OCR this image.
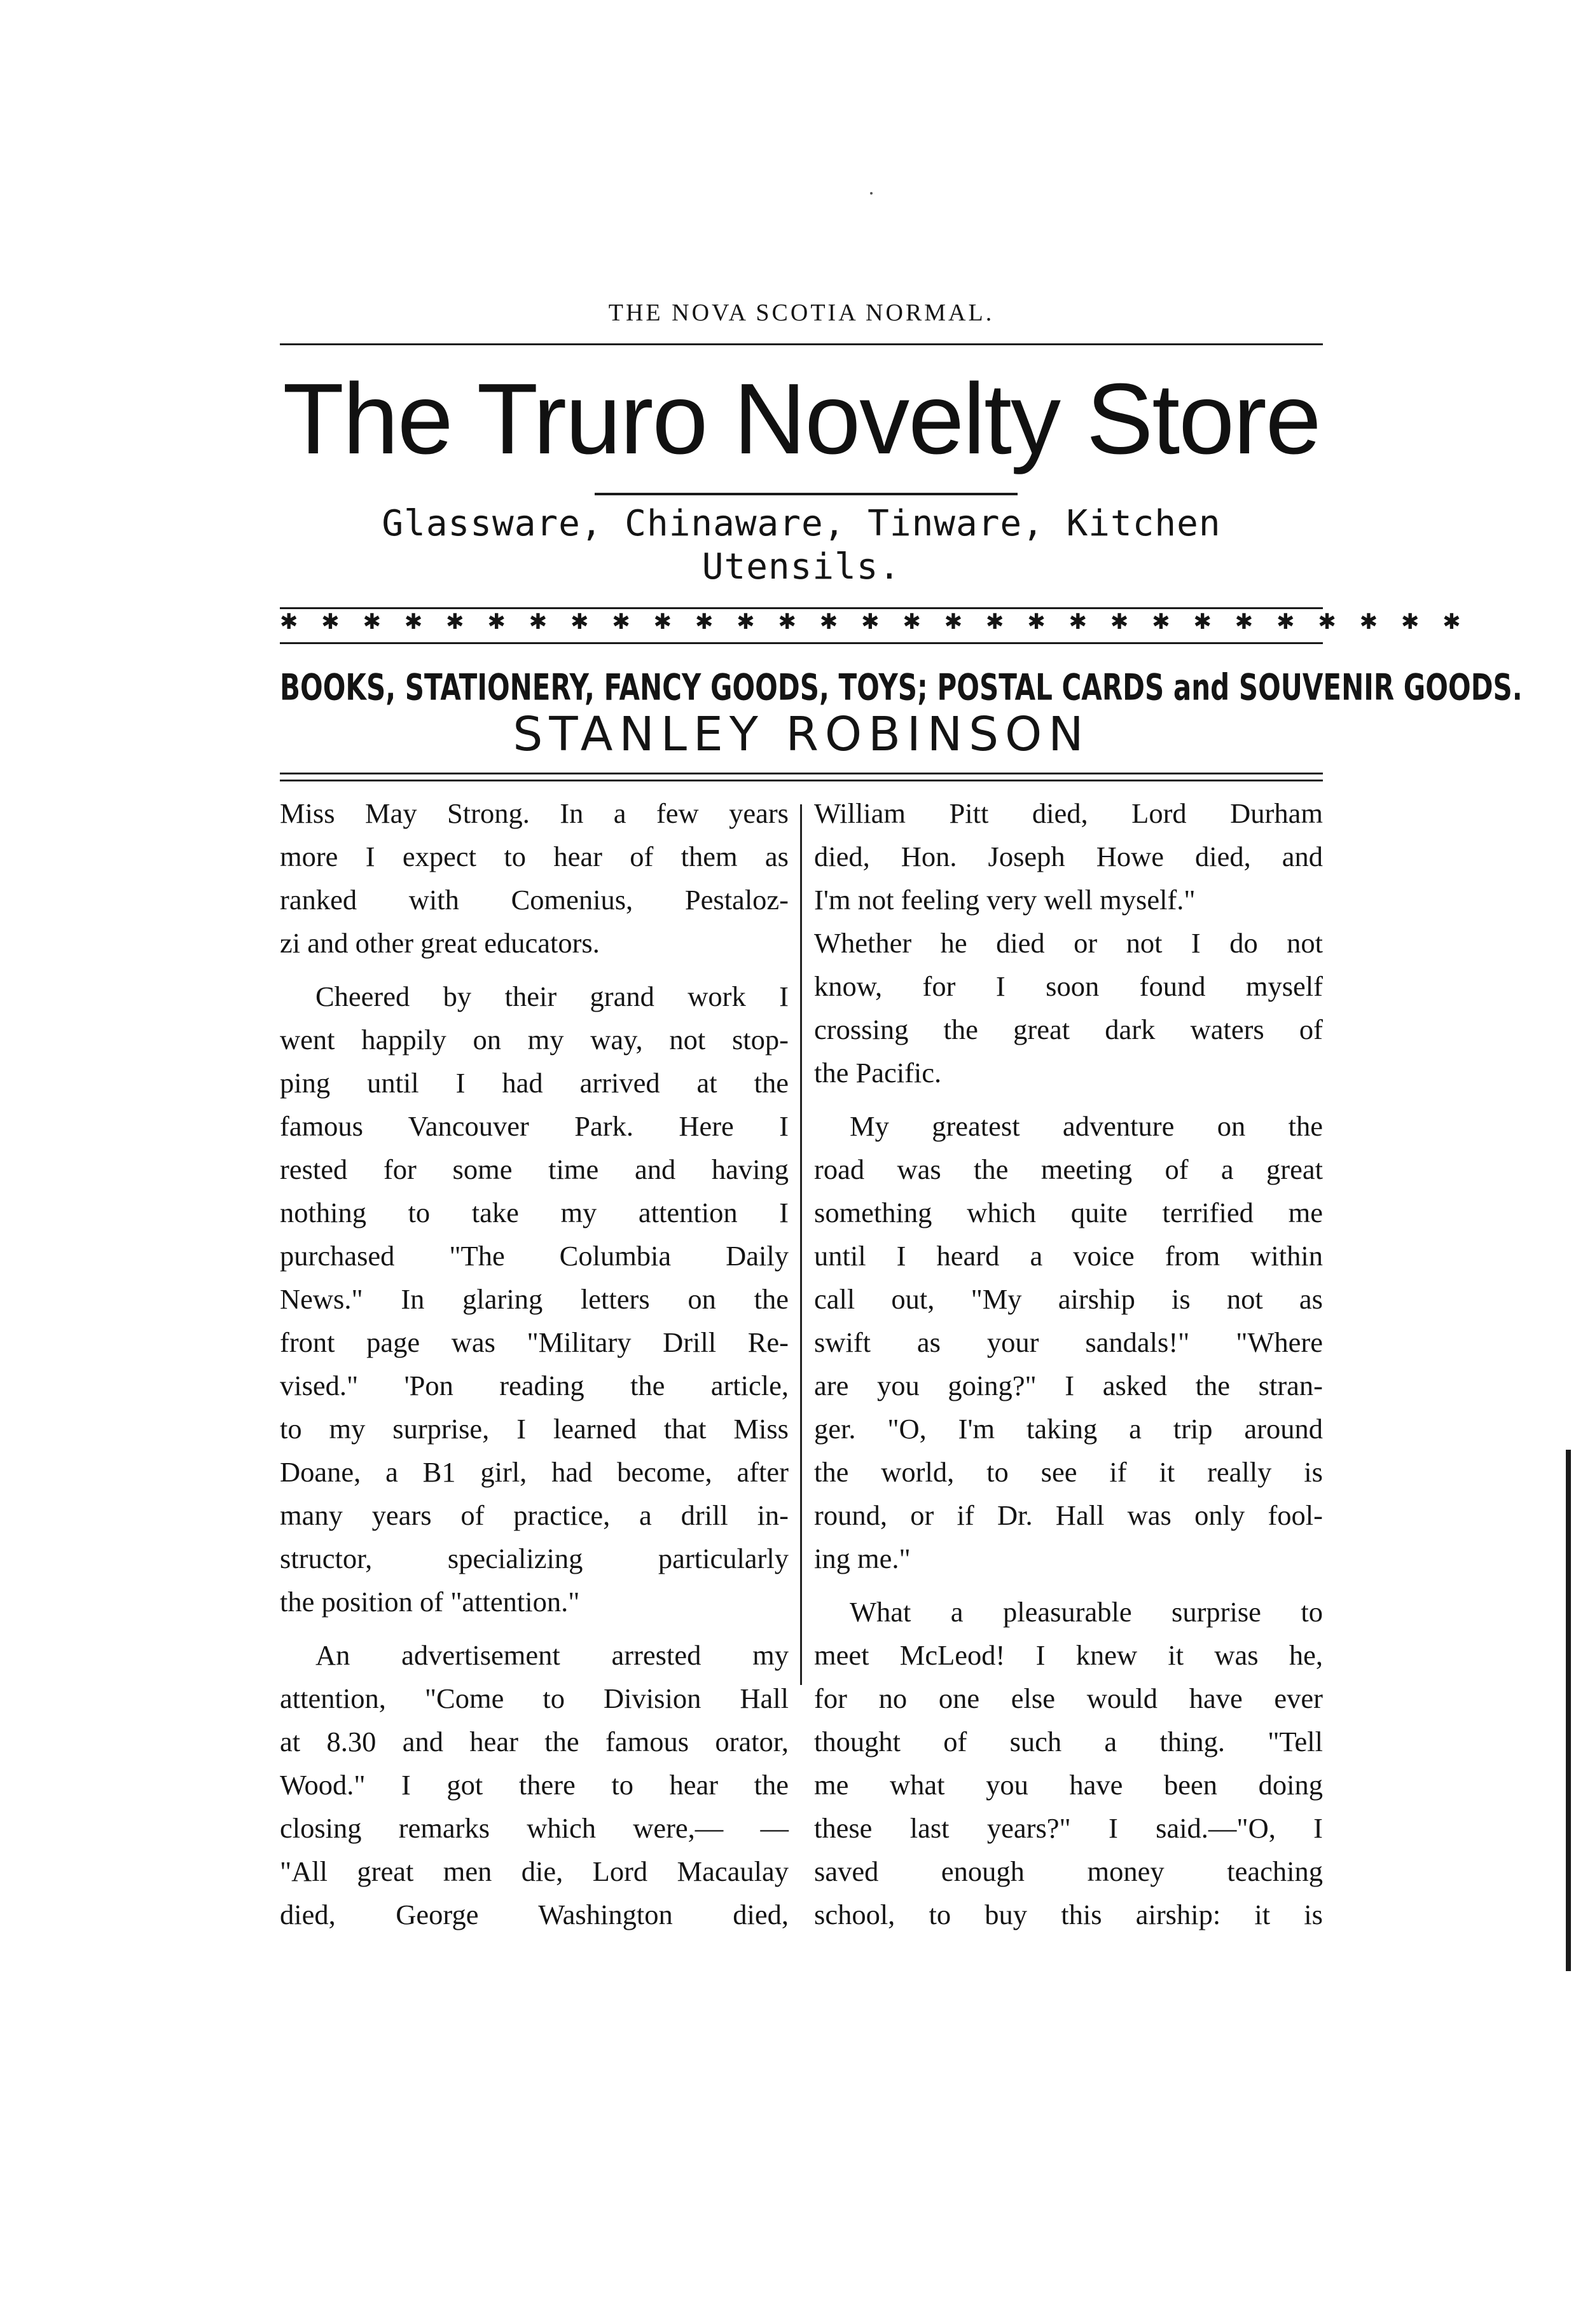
THE NOVA SCOTIA NORMAL.
The Truro Novelty Store
Glassware, Chinaware, Tinware, Kitchen
Utensils.
✱ ✱ ✱ ✱ ✱ ✱ ✱ ✱ ✱ ✱ ✱ ✱ ✱ ✱ ✱ ✱ ✱ ✱ ✱ ✱ ✱ ✱ ✱ ✱ ✱ ✱ ✱ ✱ ✱
BOOKS, STATIONERY, FANCY GOODS, TOYS; POSTAL CARDS and SOUVENIR GOODS.
STANLEY ROBINSON
Miss May Strong. In a few years
more I expect to hear of them as
ranked with Comenius, Pestaloz-
zi and other great educators.
Cheered by their grand work I
went happily on my way, not stop-
ping until I had arrived at the
famous Vancouver Park. Here I
rested for some time and having
nothing to take my attention I
purchased "The Columbia Daily
News." In glaring letters on the
front page was "Military Drill Re-
vised." 'Pon reading the article,
to my surprise, I learned that Miss
Doane, a B1 girl, had become, after
many years of practice, a drill in-
structor, specializing particularly
the position of "attention."
An advertisement arrested my
attention, "Come to Division Hall
at 8.30 and hear the famous orator,
Wood." I got there to hear the
closing remarks which were,— —
"All great men die, Lord Macaulay
died, George Washington died,
William Pitt died, Lord Durham
died, Hon. Joseph Howe died, and
I'm not feeling very well myself."
Whether he died or not I do not
know, for I soon found myself
crossing the great dark waters of
the Pacific.
My greatest adventure on the
road was the meeting of a great
something which quite terrified me
until I heard a voice from within
call out, "My airship is not as
swift as your sandals!" "Where
are you going?" I asked the stran-
ger. "O, I'm taking a trip around
the world, to see if it really is
round, or if Dr. Hall was only fool-
ing me."
What a pleasurable surprise to
meet McLeod! I knew it was he,
for no one else would have ever
thought of such a thing. "Tell
me what you have been doing
these last years?" I said.—"O, I
saved enough money teaching
school, to buy this airship: it is
